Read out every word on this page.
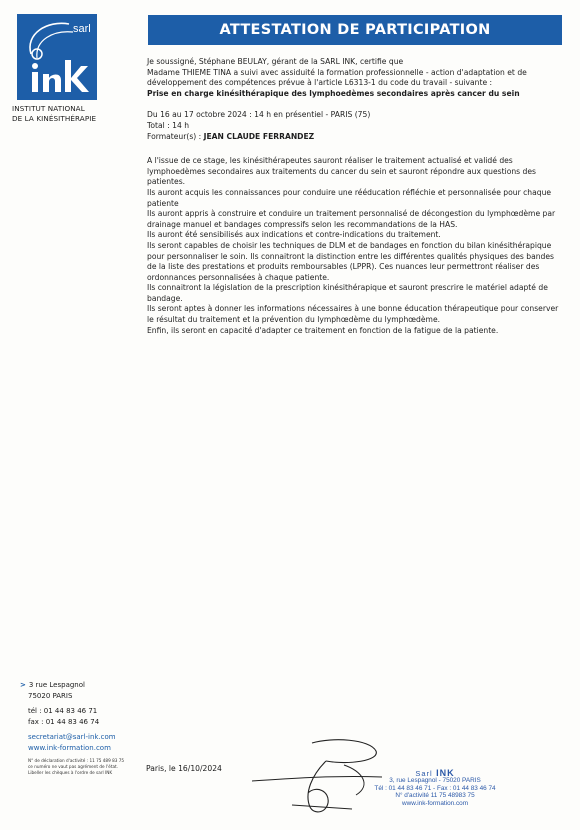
sarl
INSTITUT NATIONAL
DE LA KINÉSITHÉRAPIE
ATTESTATION DE PARTICIPATION

Je soussigné, Stéphane BEULAY, gérant de la SARL INK, certifie que

Madame THIEME TINA a suivi avec assiduité la formation professionnelle - action d'adaptation et de

développement des compétences prévue à l'article L6313-1 du code du travail - suivante :

Prise en charge kinésithérapique des lymphoedèmes secondaires après cancer du sein

Du 16 au 17 octobre 2024 : 14 h en présentiel - PARIS (75)

Total : 14 h

Formateur(s) : JEAN CLAUDE FERRANDEZ

A l'issue de ce stage, les kinésithérapeutes sauront réaliser le traitement actualisé et validé des lymphoedèmes secondaires aux traitements du cancer du sein et sauront répondre aux questions des patientes.

Ils auront acquis les connaissances pour conduire une rééducation réfléchie et personnalisée pour chaque patiente

Ils auront appris à construire et conduire un traitement personnalisé de décongestion du lymphœdème par drainage manuel et bandages compressifs selon les recommandations de la HAS.

Ils auront été sensibilisés aux indications et contre-indications du traitement.

Ils seront capables de choisir les techniques de DLM et de bandages en fonction du bilan kinésithérapique pour personnaliser le soin. Ils connaitront la distinction entre les différentes qualités physiques des bandes de la liste des prestations et produits remboursables (LPPR). Ces nuances leur permettront réaliser des ordonnances personnalisées à chaque patiente.

Ils connaitront la législation de la prescription kinésithérapique et sauront prescrire le matériel adapté de bandage.

Ils seront aptes à donner les informations nécessaires à une bonne éducation thérapeutique pour conserver le résultat du traitement et la prévention du lymphœdème du lymphœdème.

Enfin, ils seront en capacité d'adapter ce traitement en fonction de la fatigue de la patiente.

> 3 rue Lespagnol
75020 PARIS
tél : 01 44 83 46 71
fax : 01 44 83 46 74
secretariat@sarl-ink.com
www.ink-formation.com
N° de déclaration d'activité : 11 75 489 83 75
ce numéro ne vaut pas agrément de l'état.
Libeller les chèques à l'ordre de sarl INK	Paris, le 16/10/2024
Sarl INK
3, rue Lespagnol - 75020 PARIS
Tél : 01 44 83 46 71 - Fax : 01 44 83 46 74
N° d'activité 11 75 48983 75
www.ink-formation.com
